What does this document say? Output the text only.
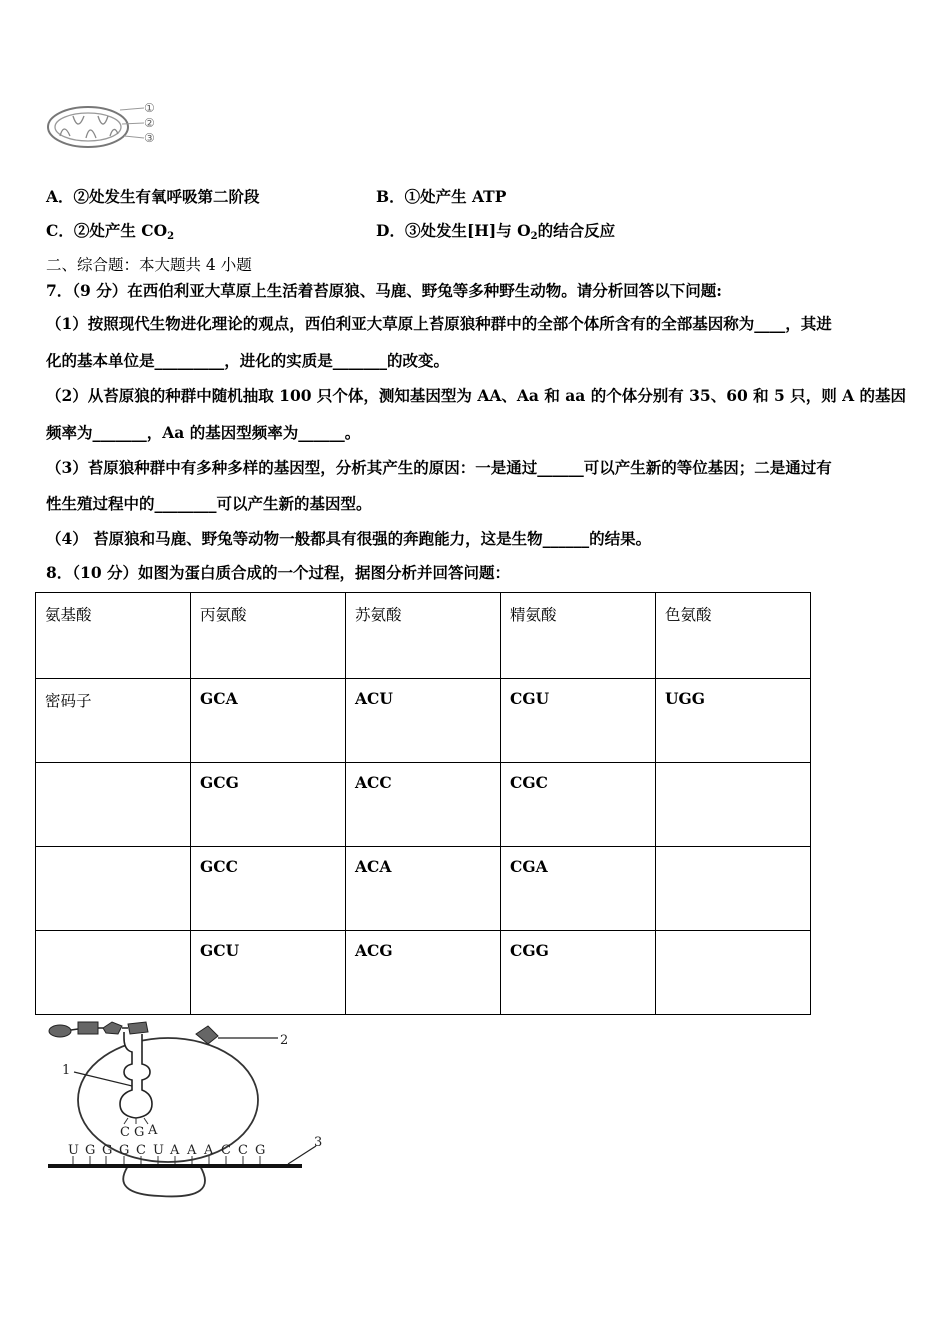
①
②
③
A．②处发生有氧呼吸第二阶段	B．①处产生 ATP
C．②处产生 $CO_2$	D．③处发生[H]与 $O_2$的结合反应
二、综合题：本大题共 4 小题
7．（9 分）在西伯利亚大草原上生活着苔原狼、马鹿、野兔等多种野生动物。请分析回答以下问题:
（1）按照现代生物进化理论的观点，西伯利亚大草原上苔原狼种群中的全部个体所含有的全部基因称为____，其进
化的基本单位是_________，进化的实质是_______的改变。
（2）从苔原狼的种群中随机抽取 100 只个体，测知基因型为 AA、Aa 和 aa 的个体分别有 35、60 和 5 只，则 A 的基因
频率为_______，Aa 的基因型频率为______。
（3）苔原狼种群中有多种多样的基因型，分析其产生的原因：一是通过______可以产生新的等位基因；二是通过有
性生殖过程中的________可以产生新的基因型。
（4） 苔原狼和马鹿、野兔等动物一般都具有很强的奔跑能力，这是生物______的结果。
8．（10 分）如图为蛋白质合成的一个过程，据图分析并回答问题：
氨基酸	丙氨酸	苏氨酸	精氨酸	色氨酸
密码子	GCA	ACU	CGU	UGG
	GCG	ACC	CGC	
	GCC	ACA	CGA	
	GCU	ACG	CGG	
1
2
3
C G A
U G G G C U A A A C C G
